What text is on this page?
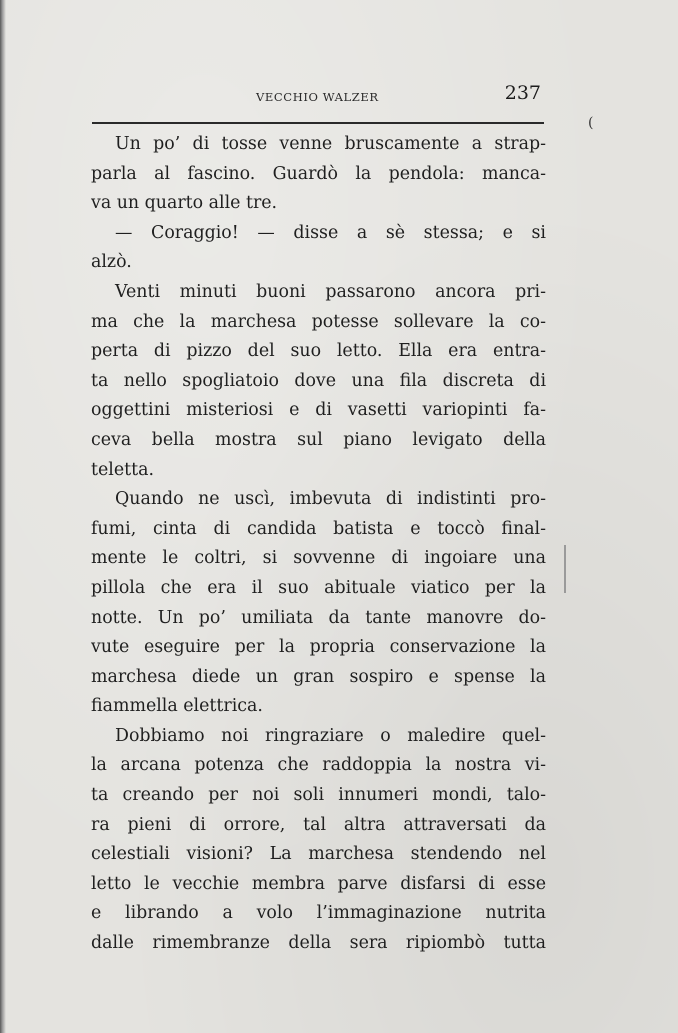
VECCHIO WALZER	237
(
Un po’ di tosse venne bruscamente a strap-
parla al fascino. Guardò la pendola: manca-
va un quarto alle tre.
— Coraggio! — disse a sè stessa; e si
alzò.
Venti minuti buoni passarono ancora pri-
ma che la marchesa potesse sollevare la co-
perta di pizzo del suo letto. Ella era entra-
ta nello spogliatoio dove una fila discreta di
oggettini misteriosi e di vasetti variopinti fa-
ceva bella mostra sul piano levigato della
teletta.
Quando ne uscì, imbevuta di indistinti pro-
fumi, cinta di candida batista e toccò final-
mente le coltri, si sovvenne di ingoiare una
pillola che era il suo abituale viatico per la
notte. Un po’ umiliata da tante manovre do-
vute eseguire per la propria conservazione la
marchesa diede un gran sospiro e spense la
fiammella elettrica.
Dobbiamo noi ringraziare o maledire quel-
la arcana potenza che raddoppia la nostra vi-
ta creando per noi soli innumeri mondi, talo-
ra pieni di orrore, tal altra attraversati da
celestiali visioni? La marchesa stendendo nel
letto le vecchie membra parve disfarsi di esse
e librando a volo l’immaginazione nutrita
dalle rimembranze della sera ripiombò tutta
